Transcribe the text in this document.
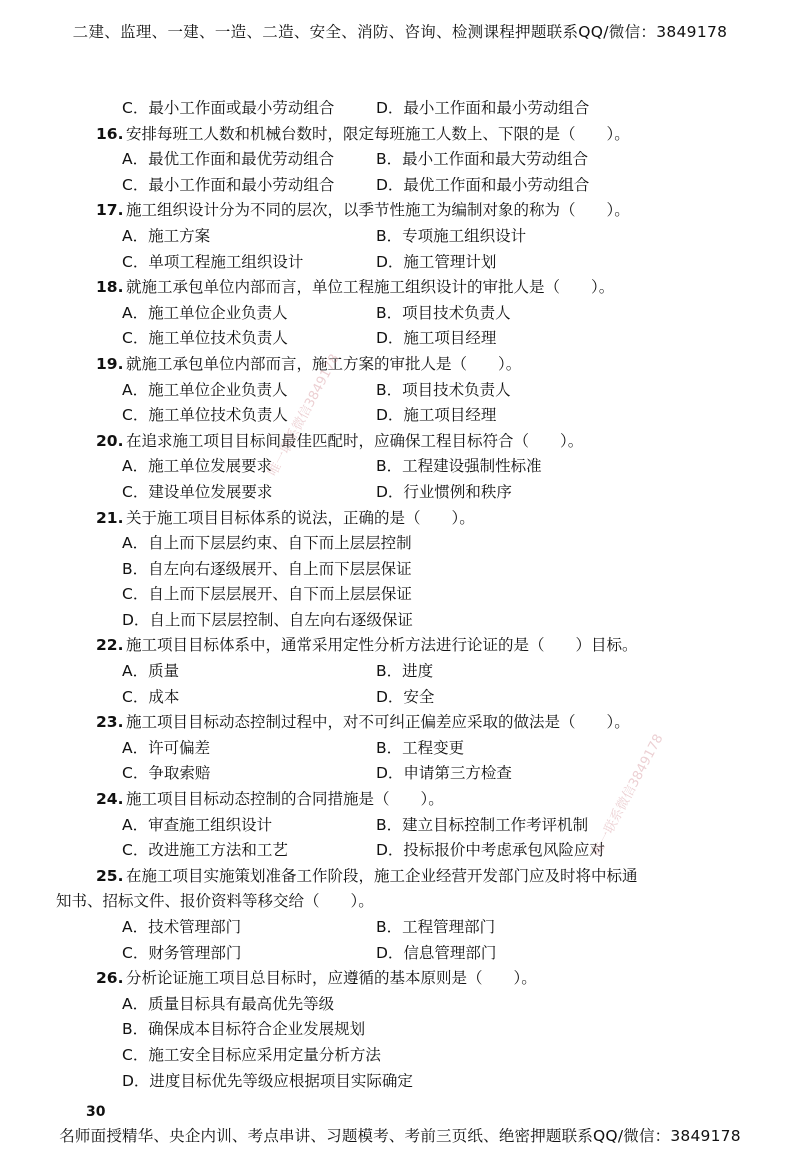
二建、监理、一建、一造、二造、安全、消防、咨询、检测课程押题联系QQ/微信：3849178
C．最小工作面或最小劳动组合	D．最小工作面和最小劳动组合
16. 安排每班工人数和机械台数时，限定每班施工人数上、下限的是（　　）。
A．最优工作面和最优劳动组合	B．最小工作面和最大劳动组合
C．最小工作面和最小劳动组合	D．最优工作面和最小劳动组合
17. 施工组织设计分为不同的层次，以季节性施工为编制对象的称为（　　）。
A．施工方案	B．专项施工组织设计
C．单项工程施工组织设计	D．施工管理计划
18. 就施工承包单位内部而言，单位工程施工组织设计的审批人是（　　）。
A．施工单位企业负责人	B．项目技术负责人
C．施工单位技术负责人	D．施工项目经理
19. 就施工承包单位内部而言，施工方案的审批人是（　　）。
A．施工单位企业负责人	B．项目技术负责人
C．施工单位技术负责人	D．施工项目经理
20. 在追求施工项目目标间最佳匹配时，应确保工程目标符合（　　）。
A．施工单位发展要求	B．工程建设强制性标准
C．建设单位发展要求	D．行业惯例和秩序
21. 关于施工项目目标体系的说法，正确的是（　　）。
A．自上而下层层约束、自下而上层层控制
B．自左向右逐级展开、自上而下层层保证
C．自上而下层层展开、自下而上层层保证
D．自上而下层层控制、自左向右逐级保证
22. 施工项目目标体系中，通常采用定性分析方法进行论证的是（　　）目标。
A．质量	B．进度
C．成本	D．安全
23. 施工项目目标动态控制过程中，对不可纠正偏差应采取的做法是（　　）。
A．许可偏差	B．工程变更
C．争取索赔	D．申请第三方检查
24. 施工项目目标动态控制的合同措施是（　　）。
A．审查施工组织设计	B．建立目标控制工作考评机制
C．改进施工方法和工艺	D．投标报价中考虑承包风险应对
25. 在施工项目实施策划准备工作阶段，施工企业经营开发部门应及时将中标通
知书、招标文件、报价资料等移交给（　　）。
A．技术管理部门	B．工程管理部门
C．财务管理部门	D．信息管理部门
26. 分析论证施工项目总目标时，应遵循的基本原则是（　　）。
A．质量目标具有最高优先等级
B．确保成本目标符合企业发展规划
C．施工安全目标应采用定量分析方法
D．进度目标优先等级应根据项目实际确定
30
名师面授精华、央企内训、考点串讲、习题模考、考前三页纸、绝密押题联系QQ/微信：3849178
唯一联系微信3849178
唯一联系微信3849178
